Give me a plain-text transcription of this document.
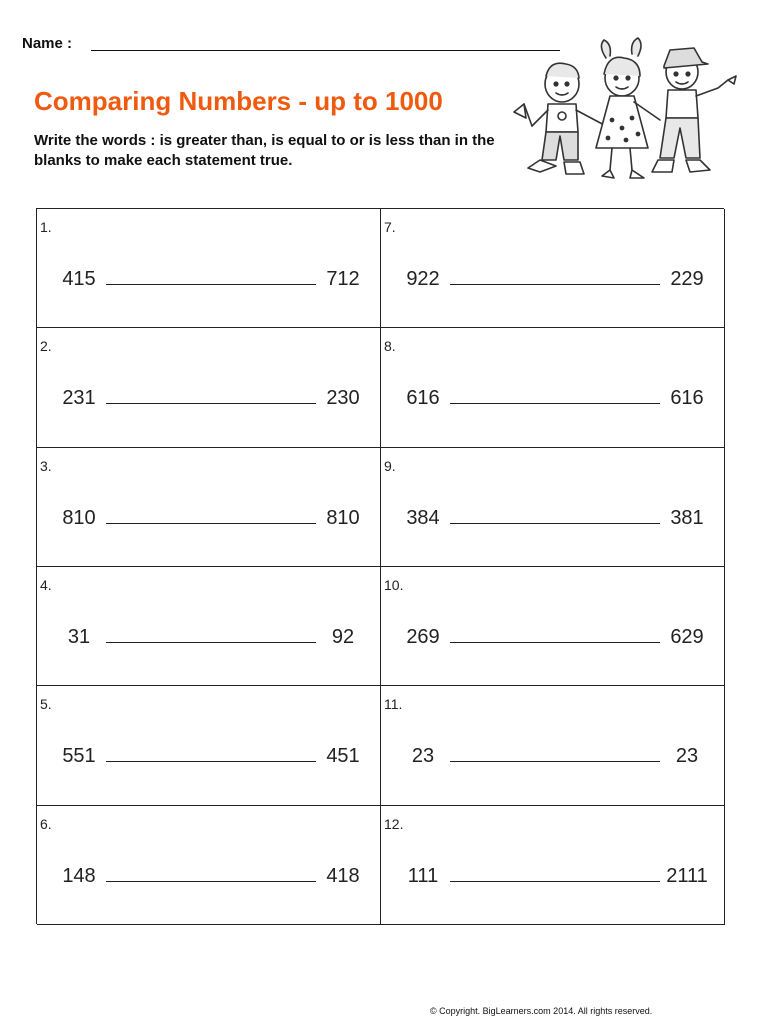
Name :
Comparing Numbers - up to 1000
Write the words : is greater than, is equal to or is less than in the blanks to make each statement true.
1.
415	712
7.
922	229
2.
231	230
8.
616	616
3.
810	810
9.
384	381
4.
31	92
10.
269	629
5.
551	451
11.
23	23
6.
148	418
12.
111	2111
© Copyright. BigLearners.com 2014. All rights reserved.
